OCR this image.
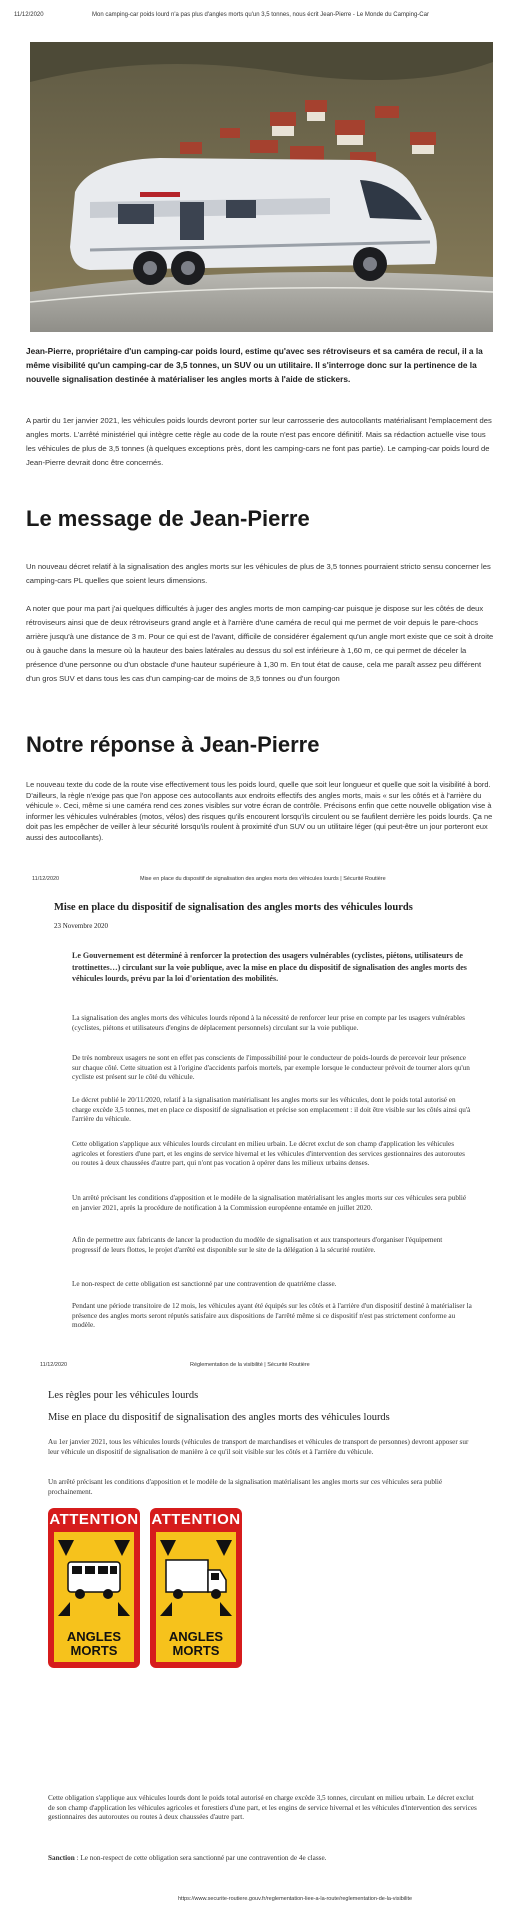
11/12/2020	Mon camping-car poids lourd n'a pas plus d'angles morts qu'un 3,5 tonnes, nous écrit Jean-Pierre - Le Monde du Camping-Car

Jean-Pierre, propriétaire d'un camping-car poids lourd, estime qu'avec ses rétroviseurs et sa caméra de recul, il a la même visibilité qu'un camping-car de 3,5 tonnes, un SUV ou un utilitaire. Il s'interroge donc sur la pertinence de la nouvelle signalisation destinée à matérialiser les angles morts à l'aide de stickers.

A partir du 1er janvier 2021, les véhicules poids lourds devront porter sur leur carrosserie des autocollants matérialisant l'emplacement des angles morts. L'arrêté ministériel qui intègre cette règle au code de la route n'est pas encore définitif. Mais sa rédaction actuelle vise tous les véhicules de plus de 3,5 tonnes (à quelques exceptions près, dont les camping-cars ne font pas partie). Le camping-car poids lourd de Jean-Pierre devrait donc être concernés.

Le message de Jean-Pierre

Un nouveau décret relatif à la signalisation des angles morts sur les véhicules de plus de 3,5 tonnes pourraient stricto sensu concerner les camping-cars PL quelles que soient leurs dimensions.

A noter que pour ma part j'ai quelques difficultés à juger des angles morts de mon camping-car puisque je dispose sur les côtés de deux rétroviseurs ainsi que de deux rétroviseurs grand angle et à l'arrière d'une caméra de recul qui me permet de voir depuis le pare-chocs arrière jusqu'à une distance de 3 m. Pour ce qui est de l'avant, difficile de considérer également qu'un angle mort existe que ce soit à droite ou à gauche dans la mesure où la hauteur des baies latérales au dessus du sol est inférieure à 1,60 m, ce qui permet de déceler la présence d'une personne ou d'un obstacle d'une hauteur supérieure à 1,30 m. En tout état de cause, cela me paraît assez peu différent d'un gros SUV et dans tous les cas d'un camping-car de moins de 3,5 tonnes ou d'un fourgon

Notre réponse à Jean-Pierre

Le nouveau texte du code de la route vise effectivement tous les poids lourd, quelle que soit leur longueur et quelle que soit la visibilité à bord. D'ailleurs, la règle n'exige pas que l'on appose ces autocollants aux endroits effectifs des angles morts, mais « sur les côtés et à l'arrière du véhicule ». Ceci, même si une caméra rend ces zones visibles sur votre écran de contrôle. Précisons enfin que cette nouvelle obligation vise à informer les véhicules vulnérables (motos, vélos) des risques qu'ils encourent lorsqu'ils circulent ou se faufilent derrière les poids lourds. Ça ne doit pas les empêcher de veiller à leur sécurité lorsqu'ils roulent à proximité d'un SUV ou un utilitaire léger (qui peut-être un jour porteront eux aussi des autocollants).

11/12/2020	Mise en place du dispositif de signalisation des angles morts des véhicules lourds | Sécurité Routière
Mise en place du dispositif de signalisation des angles morts des véhicules lourds
23 Novembre 2020

Le Gouvernement est déterminé à renforcer la protection des usagers vulnérables (cyclistes, piétons, utilisateurs de trottinettes…) circulant sur la voie publique, avec la mise en place du dispositif de signalisation des angles morts des véhicules lourds, prévu par la loi d'orientation des mobilités.

La signalisation des angles morts des véhicules lourds répond à la nécessité de renforcer leur prise en compte par les usagers vulnérables (cyclistes, piétons et utilisateurs d'engins de déplacement personnels) circulant sur la voie publique.

De très nombreux usagers ne sont en effet pas conscients de l'impossibilité pour le conducteur de poids-lourds de percevoir leur présence sur chaque côté. Cette situation est à l'origine d'accidents parfois mortels, par exemple lorsque le conducteur prévoit de tourner alors qu'un cycliste est présent sur le côté du véhicule.

Le décret publié le 20/11/2020, relatif à la signalisation matérialisant les angles morts sur les véhicules, dont le poids total autorisé en charge excède 3,5 tonnes, met en place ce dispositif de signalisation et précise son emplacement : il doit être visible sur les côtés ainsi qu'à l'arrière du véhicule.

Cette obligation s'applique aux véhicules lourds circulant en milieu urbain. Le décret exclut de son champ d'application les véhicules agricoles et forestiers d'une part, et les engins de service hivernal et les véhicules d'intervention des services gestionnaires des autoroutes ou routes à deux chaussées d'autre part, qui n'ont pas vocation à opérer dans les milieux urbains denses.

Un arrêté précisant les conditions d'apposition et le modèle de la signalisation matérialisant les angles morts sur ces véhicules sera publié en janvier 2021, après la procédure de notification à la Commission européenne entamée en juillet 2020.

Afin de permettre aux fabricants de lancer la production du modèle de signalisation et aux transporteurs d'organiser l'équipement progressif de leurs flottes, le projet d'arrêté est disponible sur le site de la délégation à la sécurité routière.

Le non-respect de cette obligation est sanctionné par une contravention de quatrième classe.

Pendant une période transitoire de 12 mois, les véhicules ayant été équipés sur les côtés et à l'arrière d'un dispositif destiné à matérialiser la présence des angles morts seront réputés satisfaire aux dispositions de l'arrêté même si ce dispositif n'est pas strictement conforme au modèle.

11/12/2020	Réglementation de la visibilité | Sécurité Routière
Les règles pour les véhicules lourds
Mise en place du dispositif de signalisation des angles morts des véhicules lourds

Au 1er janvier 2021, tous les véhicules lourds (véhicules de transport de marchandises et véhicules de transport de personnes) devront apposer sur leur véhicule un dispositif de signalisation de manière à ce qu'il soit visible sur les côtés et à l'arrière du véhicule.

Un arrêté précisant les conditions d'apposition et le modèle de la signalisation matérialisant les angles morts sur ces véhicules sera publié prochainement.

ATTENTION
ANGLES
MORTS
ATTENTION
ANGLES
MORTS

Cette obligation s'applique aux véhicules lourds dont le poids total autorisé en charge excède 3,5 tonnes, circulant en milieu urbain. Le décret exclut de son champ d'application les véhicules agricoles et forestiers d'une part, et les engins de service hivernal et les véhicules d'intervention des services gestionnaires des autoroutes ou routes à deux chaussées d'autre part.

Sanction : Le non-respect de cette obligation sera sanctionné par une contravention de 4e classe.

https://www.securite-routiere.gouv.fr/reglementation-liee-a-la-route/reglementation-de-la-visibilite
